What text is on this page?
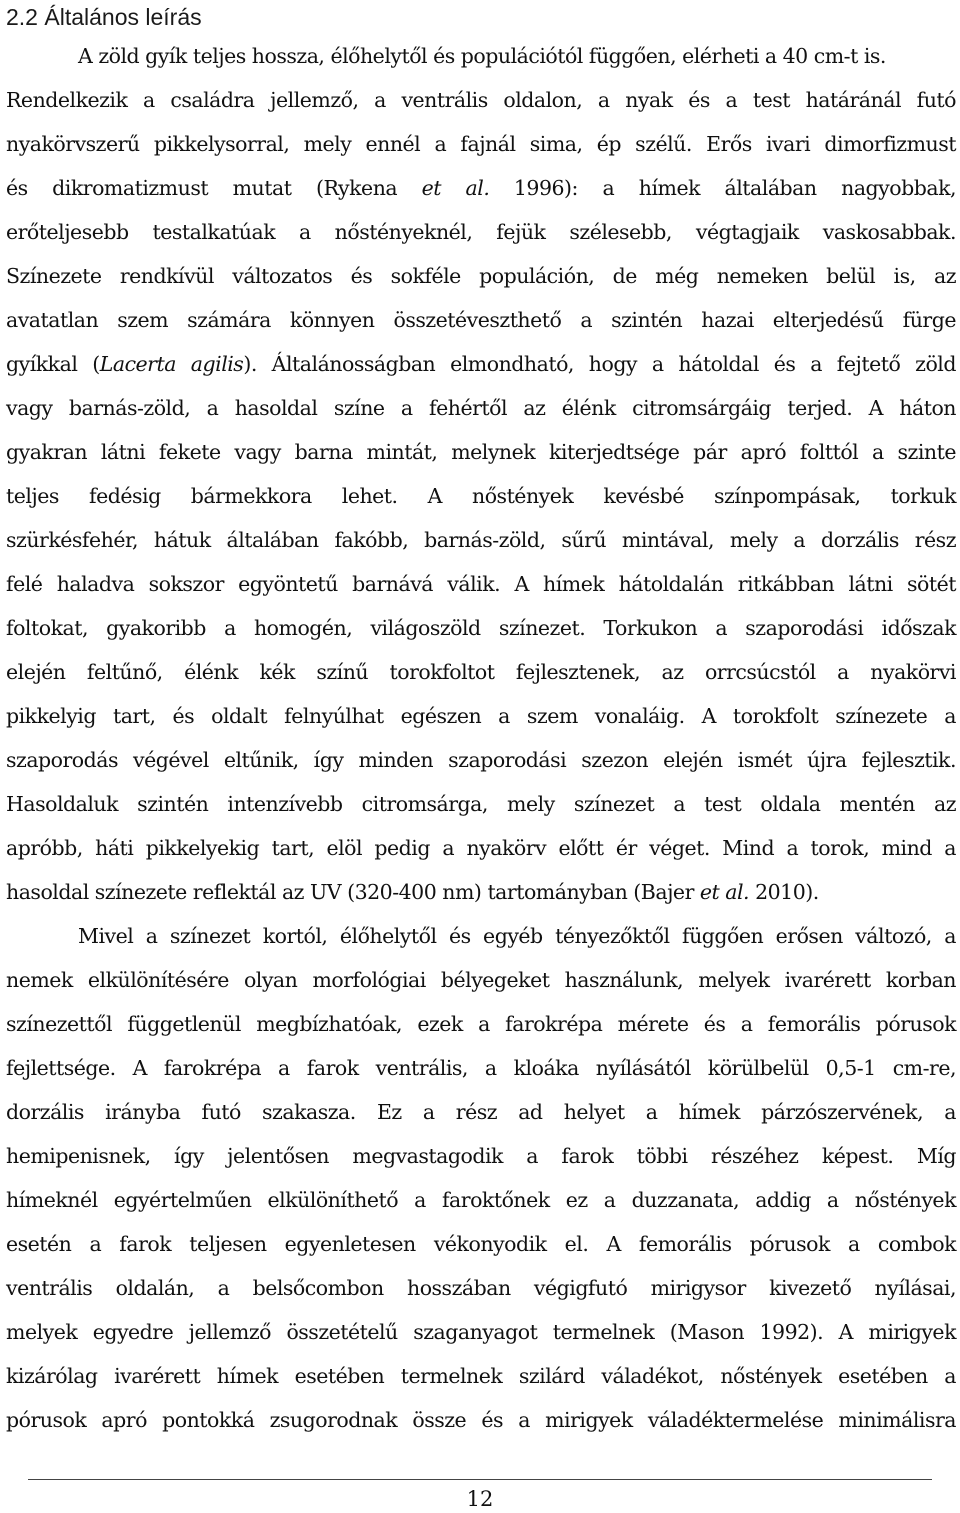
2.2 Általános leírás
A zöld gyík teljes hossza, élőhelytől és populációtól függően, elérheti a 40 cm-t is.
Rendelkezik a családra jellemző, a ventrális oldalon, a nyak és a test határánál futó
nyakörvszerű pikkelysorral, mely ennél a fajnál sima, ép szélű. Erős ivari dimorfizmust
és dikromatizmust mutat (Rykena et al. 1996): a hímek általában nagyobbak,
erőteljesebb testalkatúak a nőstényeknél, fejük szélesebb, végtagjaik vaskosabbak.
Színezete rendkívül változatos és sokféle populáción, de még nemeken belül is, az
avatatlan szem számára könnyen összetéveszthető a szintén hazai elterjedésű fürge
gyíkkal (Lacerta agilis). Általánosságban elmondható, hogy a hátoldal és a fejtető zöld
vagy barnás-zöld, a hasoldal színe a fehértől az élénk citromsárgáig terjed. A háton
gyakran látni fekete vagy barna mintát, melynek kiterjedtsége pár apró folttól a szinte
teljes fedésig bármekkora lehet. A nőstények kevésbé színpompásak, torkuk
szürkésfehér, hátuk általában fakóbb, barnás-zöld, sűrű mintával, mely a dorzális rész
felé haladva sokszor egyöntetű barnává válik. A hímek hátoldalán ritkábban látni sötét
foltokat, gyakoribb a homogén, világoszöld színezet. Torkukon a szaporodási időszak
elején feltűnő, élénk kék színű torokfoltot fejlesztenek, az orrcsúcstól a nyakörvi
pikkelyig tart, és oldalt felnyúlhat egészen a szem vonaláig. A torokfolt színezete a
szaporodás végével eltűnik, így minden szaporodási szezon elején ismét újra fejlesztik.
Hasoldaluk szintén intenzívebb citromsárga, mely színezet a test oldala mentén az
apróbb, háti pikkelyekig tart, elöl pedig a nyakörv előtt ér véget. Mind a torok, mind a
hasoldal színezete reflektál az UV (320-400 nm) tartományban (Bajer et al. 2010).
Mivel a színezet kortól, élőhelytől és egyéb tényezőktől függően erősen változó, a
nemek elkülönítésére olyan morfológiai bélyegeket használunk, melyek ivarérett korban
színezettől függetlenül megbízhatóak, ezek a farokrépa mérete és a femorális pórusok
fejlettsége. A farokrépa a farok ventrális, a kloáka nyílásától körülbelül 0,5-1 cm-re,
dorzális irányba futó szakasza. Ez a rész ad helyet a hímek párzószervének, a
hemipenisnek, így jelentősen megvastagodik a farok többi részéhez képest. Míg
hímeknél egyértelműen elkülöníthető a faroktőnek ez a duzzanata, addig a nőstények
esetén a farok teljesen egyenletesen vékonyodik el. A femorális pórusok a combok
ventrális oldalán, a belsőcombon hosszában végigfutó mirigysor kivezető nyílásai,
melyek egyedre jellemző összetételű szaganyagot termelnek (Mason 1992). A mirigyek
kizárólag ivarérett hímek esetében termelnek szilárd váladékot, nőstények esetében a
pórusok apró pontokká zsugorodnak össze és a mirigyek váladéktermelése minimálisra
12
